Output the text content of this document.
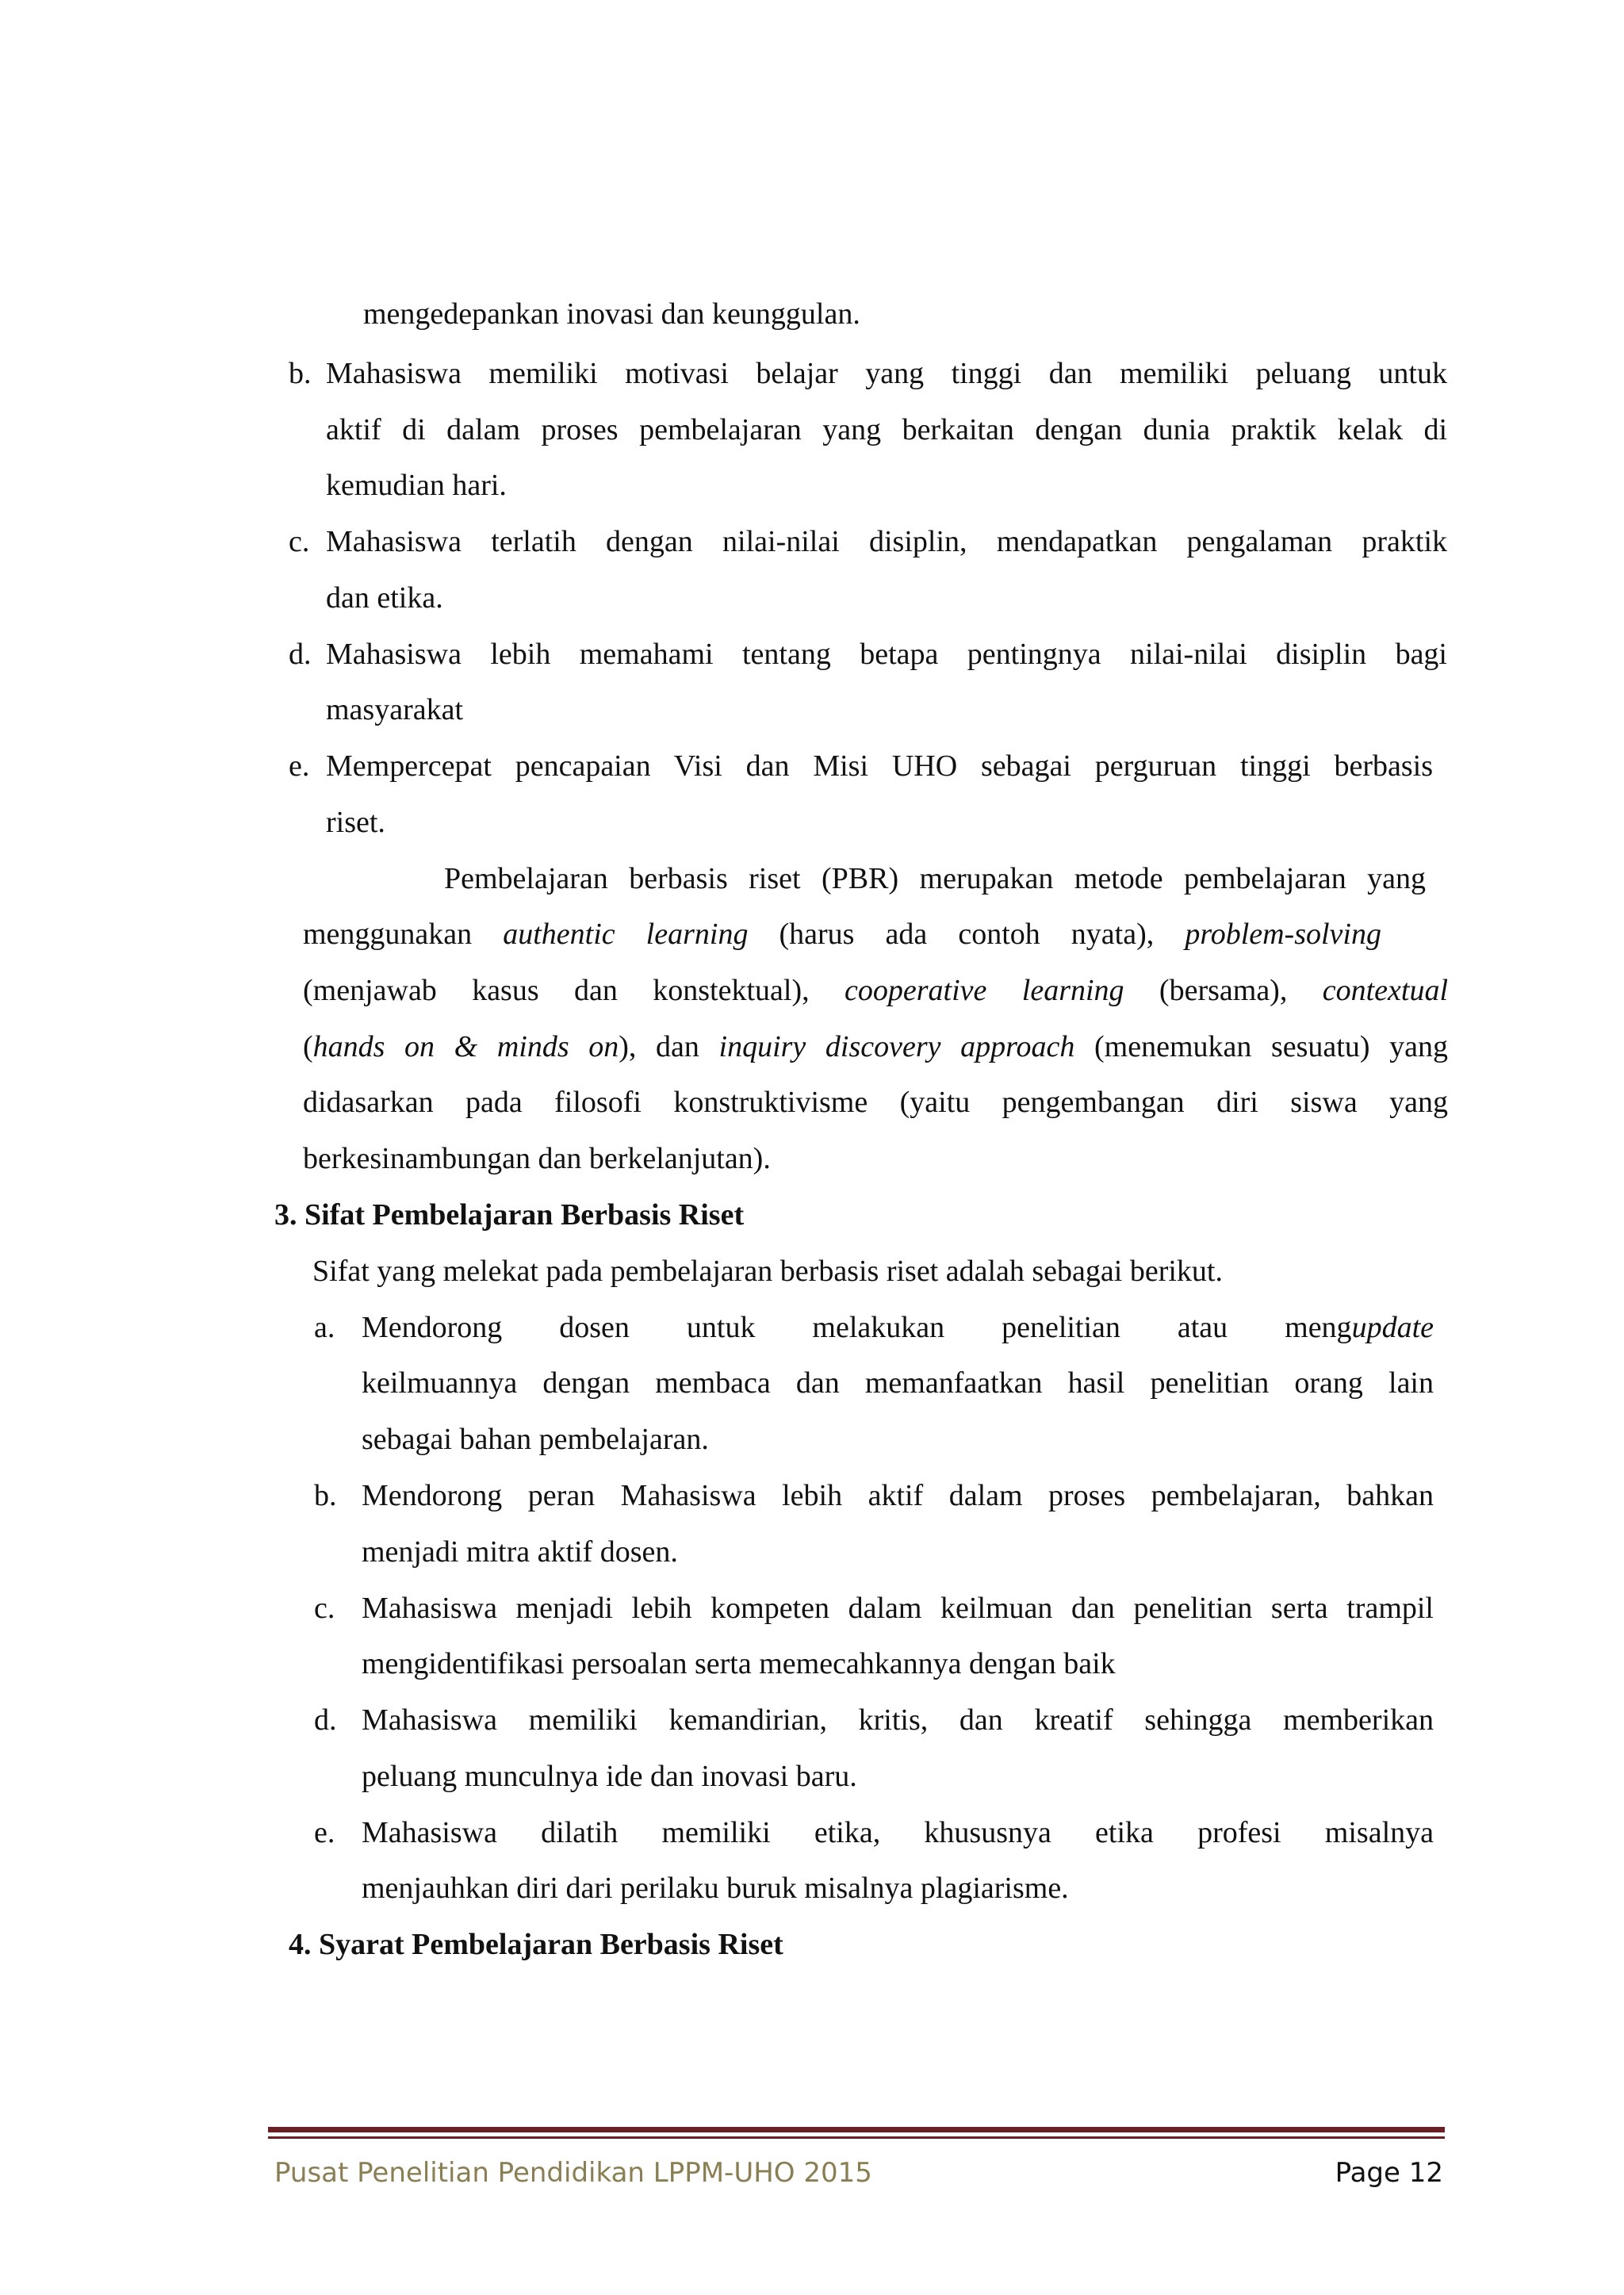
mengedepankan inovasi dan keunggulan.
b. Mahasiswa memiliki motivasi belajar yang tinggi dan memiliki peluang untuk
aktif di dalam proses pembelajaran yang berkaitan dengan dunia praktik kelak di
kemudian hari.
c. Mahasiswa terlatih dengan nilai-nilai disiplin, mendapatkan pengalaman praktik
dan etika.
d. Mahasiswa lebih memahami tentang betapa pentingnya nilai-nilai disiplin bagi
masyarakat
e. Mempercepat pencapaian Visi dan Misi UHO sebagai perguruan tinggi berbasis
riset.
Pembelajaran berbasis riset (PBR) merupakan metode pembelajaran yang
menggunakan authentic learning (harus ada contoh nyata), problem-solving
(menjawab kasus dan konstektual), cooperative learning (bersama), contextual
(hands on & minds on), dan inquiry discovery approach (menemukan sesuatu) yang
didasarkan pada filosofi konstruktivisme (yaitu pengembangan diri siswa yang
berkesinambungan dan berkelanjutan).
3. Sifat Pembelajaran Berbasis Riset
Sifat yang melekat pada pembelajaran berbasis riset adalah sebagai berikut.
a. Mendorong dosen untuk melakukan penelitian atau mengupdate
keilmuannya dengan membaca dan memanfaatkan hasil penelitian orang lain
sebagai bahan pembelajaran.
b. Mendorong peran Mahasiswa lebih aktif dalam proses pembelajaran, bahkan
menjadi mitra aktif dosen.
c. Mahasiswa menjadi lebih kompeten dalam keilmuan dan penelitian serta trampil
mengidentifikasi persoalan serta memecahkannya dengan baik
d. Mahasiswa memiliki kemandirian, kritis, dan kreatif sehingga memberikan
peluang munculnya ide dan inovasi baru.
e. Mahasiswa dilatih memiliki etika, khususnya etika profesi misalnya
menjauhkan diri dari perilaku buruk misalnya plagiarisme.
4. Syarat Pembelajaran Berbasis Riset
Pusat Penelitian Pendidikan LPPM-UHO 2015	Page 12
